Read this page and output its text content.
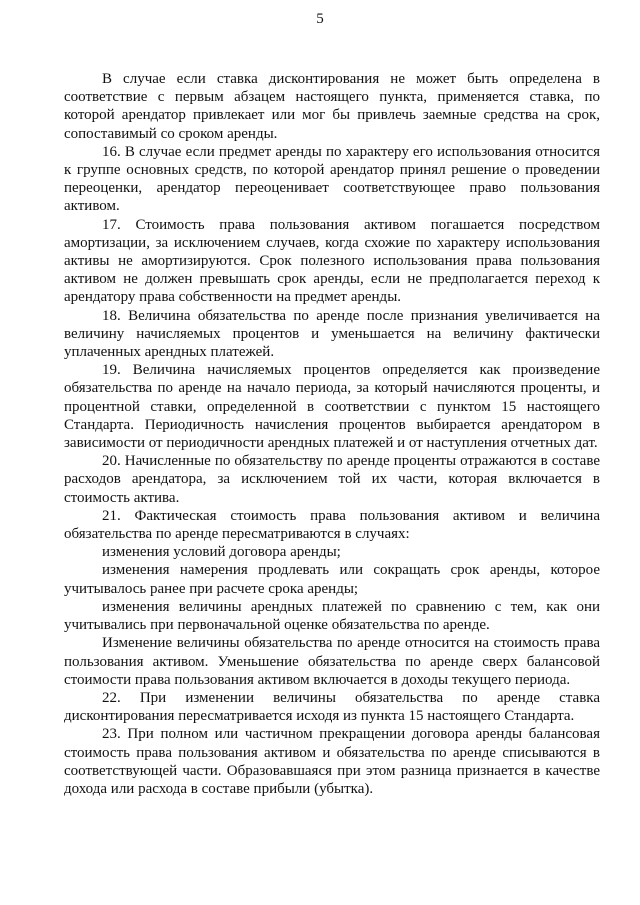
5

В случае если ставка дисконтирования не может быть определена в соответствие с первым абзацем настоящего пункта, применяется ставка, по которой арендатор привлекает или мог бы привлечь заемные средства на срок, сопоставимый со сроком аренды.

16. В случае если предмет аренды по характеру его использования относится к группе основных средств, по которой арендатор принял решение о проведении переоценки, арендатор переоценивает соответствующее право пользования активом.

17. Стоимость права пользования активом погашается посредством амортизации, за исключением случаев, когда схожие по характеру использования активы не амортизируются. Срок полезного использования права пользования активом не должен превышать срок аренды, если не предполагается переход к арендатору права собственности на предмет аренды.

18. Величина обязательства по аренде после признания увеличивается на величину начисляемых процентов и уменьшается на величину фактически уплаченных арендных платежей.

19. Величина начисляемых процентов определяется как произведение обязательства по аренде на начало периода, за который начисляются проценты, и процентной ставки, определенной в соответствии с пунктом 15 настоящего Стандарта. Периодичность начисления процентов выбирается арендатором в зависимости от периодичности арендных платежей и от наступления отчетных дат.

20. Начисленные по обязательству по аренде проценты отражаются в составе расходов арендатора, за исключением той их части, которая включается в стоимость актива.

21. Фактическая стоимость права пользования активом и величина обязательства по аренде пересматриваются в случаях:

изменения условий договора аренды;

изменения намерения продлевать или сокращать срок аренды, которое учитывалось ранее при расчете срока аренды;

изменения величины арендных платежей по сравнению с тем, как они учитывались при первоначальной оценке обязательства по аренде.

Изменение величины обязательства по аренде относится на стоимость права пользования активом. Уменьшение обязательства по аренде сверх балансовой стоимости права пользования активом включается в доходы текущего периода.

22. При изменении величины обязательства по аренде ставка дисконтирования пересматривается исходя из пункта 15 настоящего Стандарта.

23. При полном или частичном прекращении договора аренды балансовая стоимость права пользования активом и обязательства по аренде списываются в соответствующей части. Образовавшаяся при этом разница признается в качестве дохода или расхода в составе прибыли (убытка).
